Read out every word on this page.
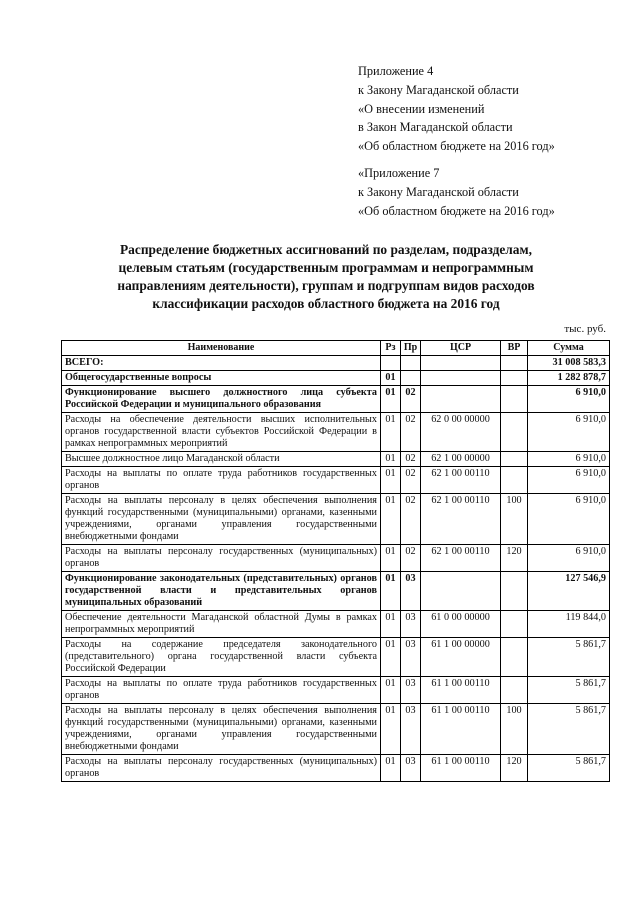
Приложение 4

к Закону Магаданской области

«О внесении изменений

в Закон Магаданской области

«Об областном бюджете на 2016 год»

«Приложение 7

к Закону Магаданской области

«Об областном бюджете на 2016 год»

Распределение бюджетных ассигнований по разделам, подразделам,
целевым статьям (государственным программам и непрограммным
направлениям деятельности), группам и подгруппам видов расходов
классификации расходов областного бюджета на 2016 год
тыс. руб.
Наименование	Рз	Пр	ЦСР	ВР	Сумма
ВСЕГО:					31 008 583,3
Общегосударственные вопросы	01				1 282 878,7
Функционирование высшего должностного лица субъекта Российской Федерации и муниципального образования	01	02			6 910,0
Расходы на обеспечение деятельности высших исполнительных органов государственной власти субъектов Российской Федерации в рамках непрограммных мероприятий	01	02	62 0 00 00000		6 910,0
Высшее должностное лицо Магаданской области	01	02	62 1 00 00000		6 910,0
Расходы на выплаты по оплате труда работников государственных органов	01	02	62 1 00 00110		6 910,0
Расходы на выплаты персоналу в целях обеспечения выполнения функций государственными (муниципальными) органами, казенными учреждениями, органами управления государственными внебюджетными фондами	01	02	62 1 00 00110	100	6 910,0
Расходы на выплаты персоналу государственных (муниципальных) органов	01	02	62 1 00 00110	120	6 910,0
Функционирование законодательных (представительных) органов государственной власти и представительных органов муниципальных образований	01	03			127 546,9
Обеспечение деятельности Магаданской областной Думы в рамках непрограммных мероприятий	01	03	61 0 00 00000		119 844,0
Расходы на содержание председателя законодательного (представительного) органа государственной власти субъекта Российской Федерации	01	03	61 1 00 00000		5 861,7
Расходы на выплаты по оплате труда работников государственных органов	01	03	61 1 00 00110		5 861,7
Расходы на выплаты персоналу в целях обеспечения выполнения функций государственными (муниципальными) органами, казенными учреждениями, органами управления государственными внебюджетными фондами	01	03	61 1 00 00110	100	5 861,7
Расходы на выплаты персоналу государственных (муниципальных) органов	01	03	61 1 00 00110	120	5 861,7
